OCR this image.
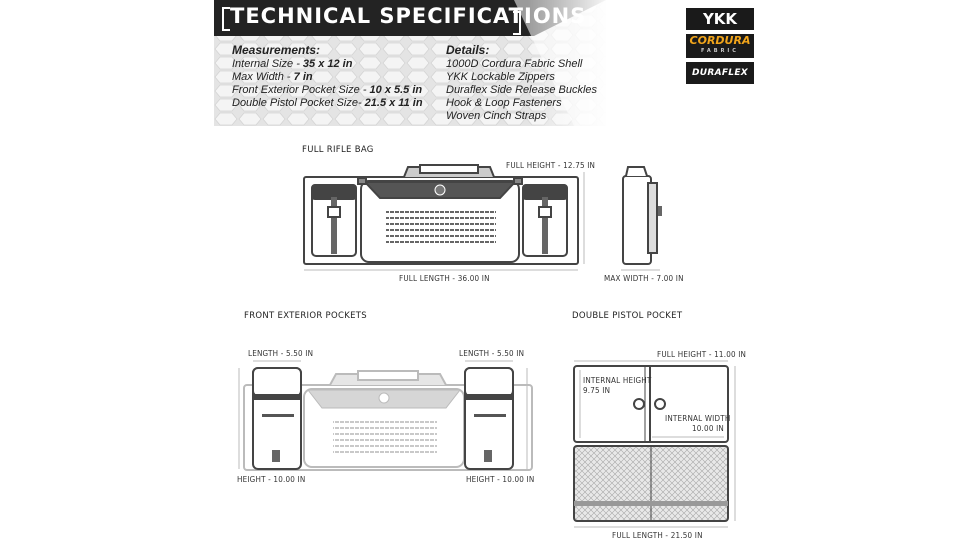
TECHNICAL SPECIFICATIONS
Measurements:
Internal Size - 35 x 12 in
Max Width - 7 in
Front Exterior Pocket Size - 10 x 5.5 in
Double Pistol Pocket Size- 21.5 x 11 in
Details:
1000D Cordura Fabric Shell
YKK Lockable Zippers
Duraflex Side Release Buckles
Hook & Loop Fasteners
Woven Cinch Straps
YKK
CORDURA
FABRIC
DURAFLEX
FULL RIFLE BAG
FULL HEIGHT - 12.75 IN
FULL LENGTH - 36.00 IN	MAX WIDTH - 7.00 IN
FRONT EXTERIOR POCKETS
LENGTH - 5.50 IN	LENGTH - 5.50 IN
HEIGHT - 10.00 IN	HEIGHT - 10.00 IN
DOUBLE PISTOL POCKET
FULL HEIGHT - 11.00 IN
INTERNAL HEIGHT
9.75 IN
INTERNAL WIDTH
10.00 IN
FULL LENGTH - 21.50 IN
